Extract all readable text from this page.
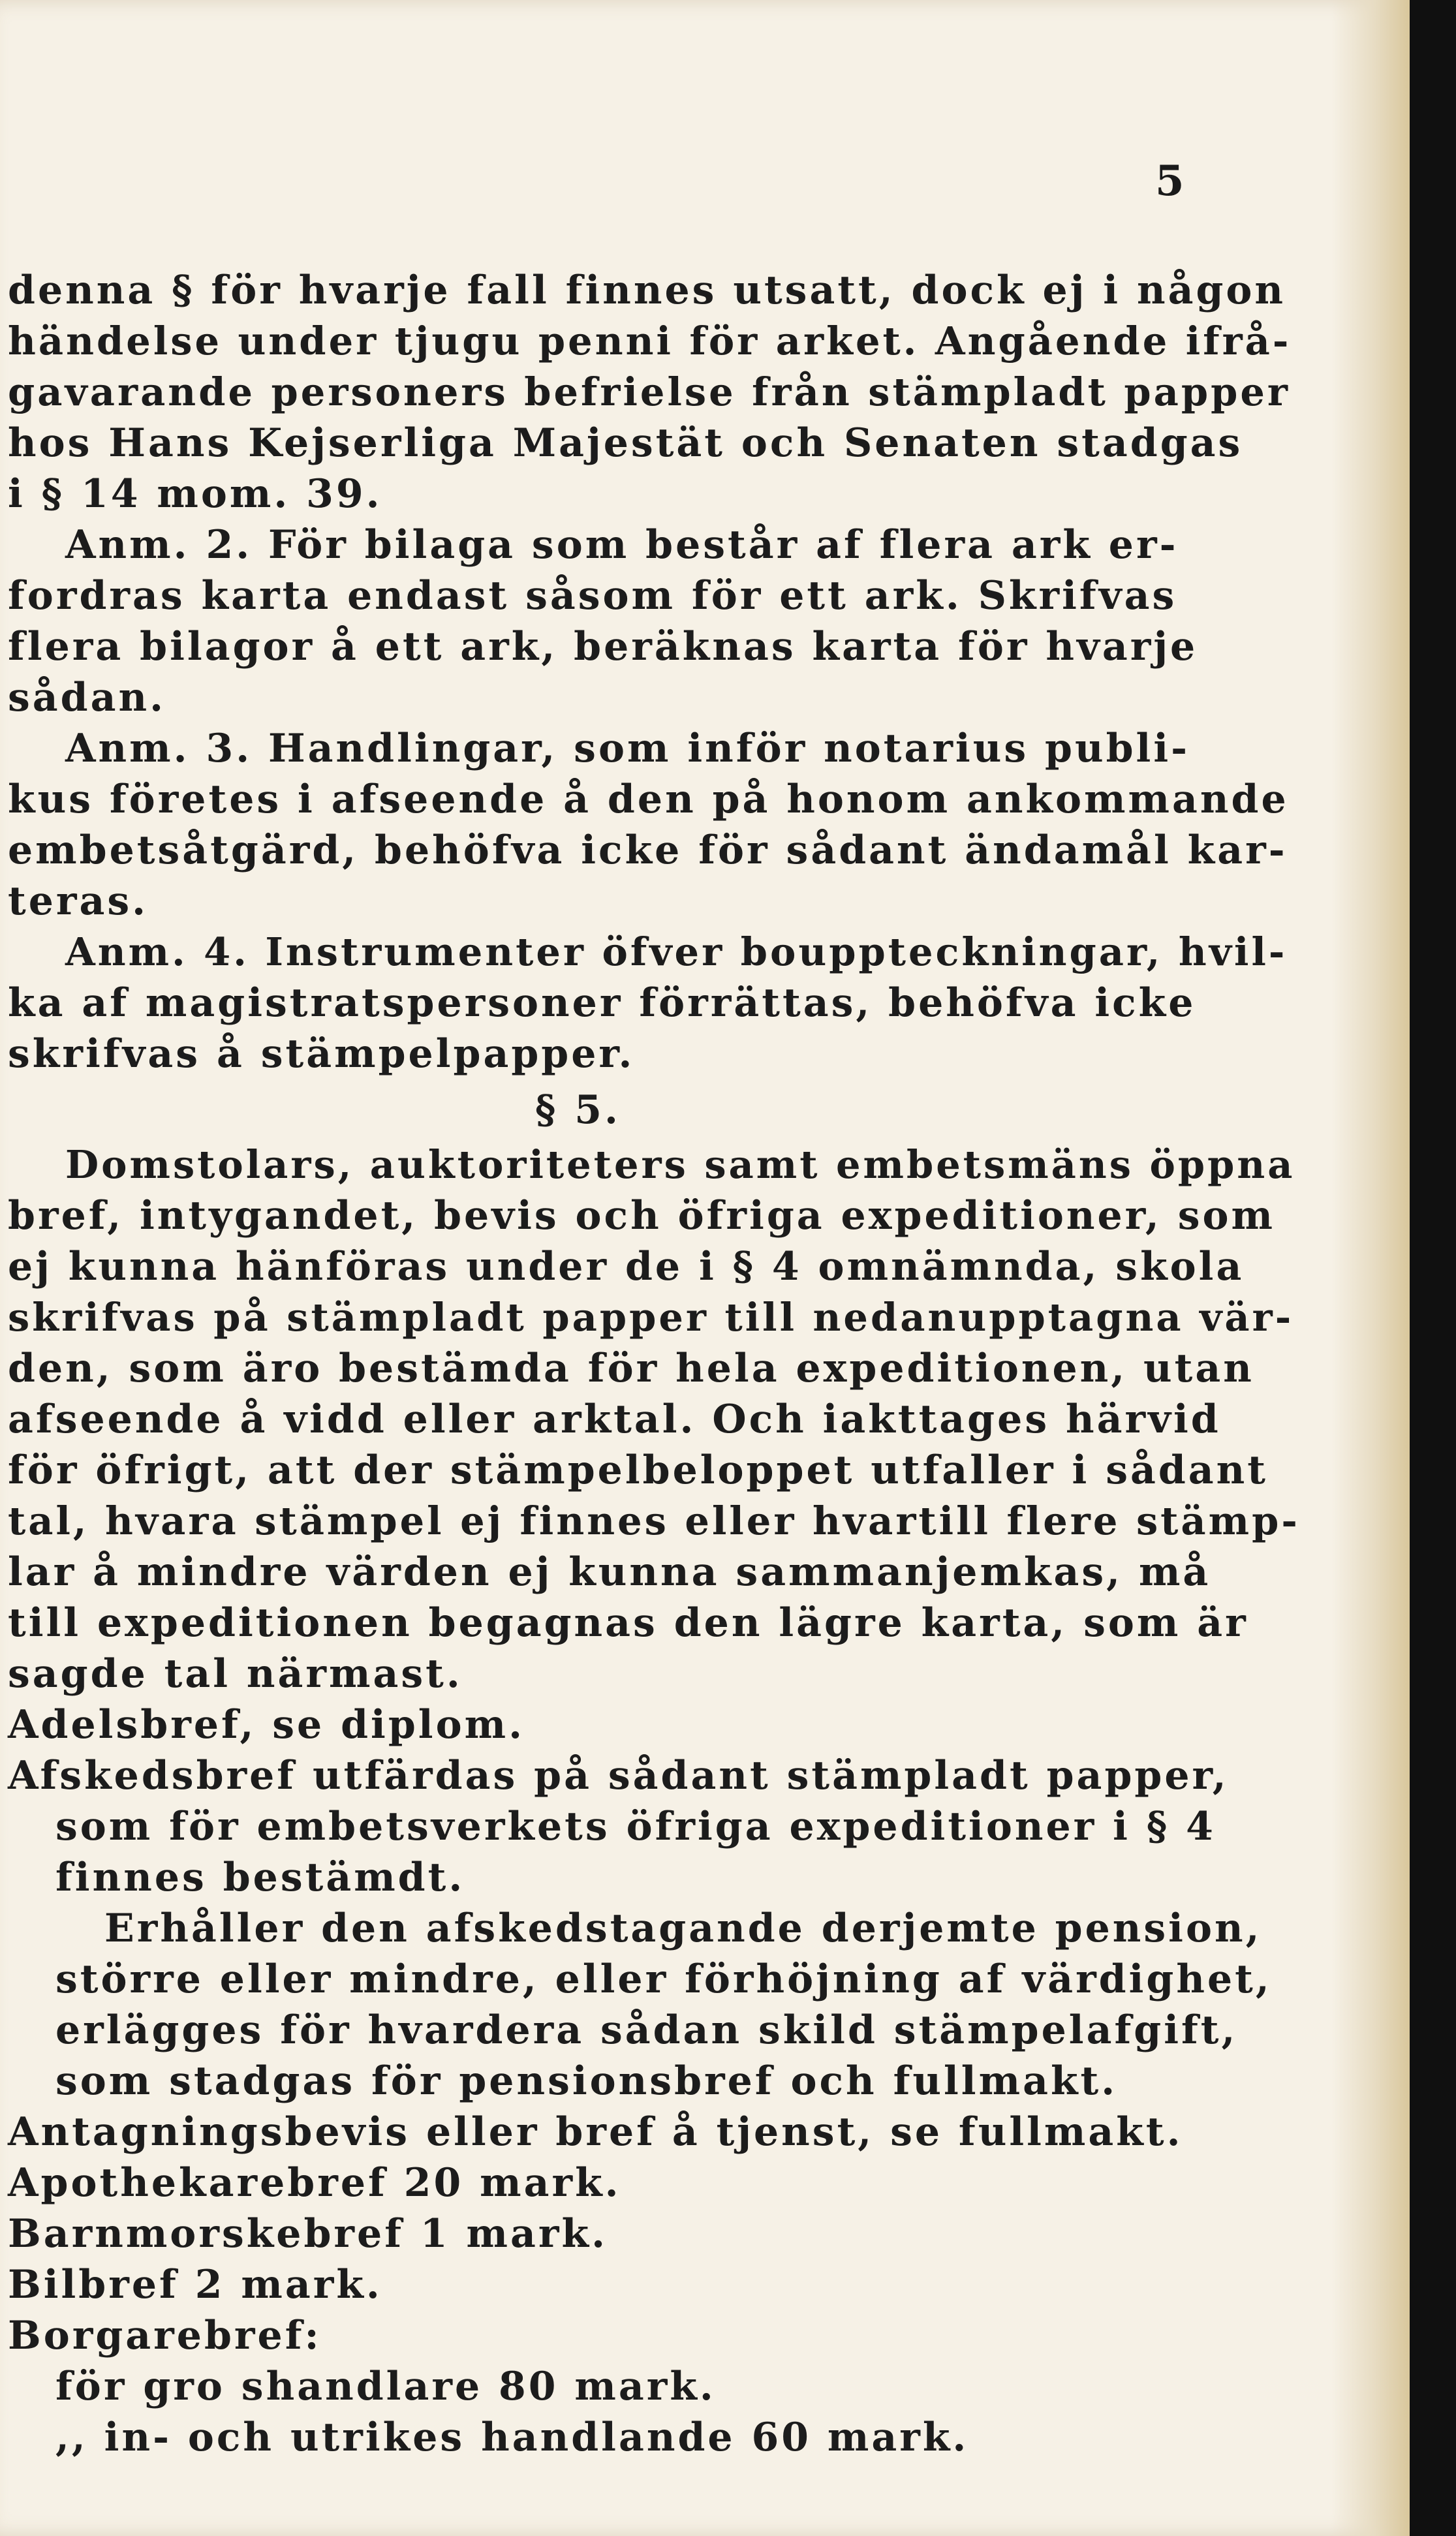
5
denna § för hvarje fall finnes utsatt, dock ej i någon
händelse under tjugu penni för arket. Angående ifrå-
gavarande personers befrielse från stämpladt papper
hos Hans Kejserliga Majestät och Senaten stadgas
i § 14 mom. 39.
Anm. 2. För bilaga som består af flera ark er-
fordras karta endast såsom för ett ark. Skrifvas
flera bilagor å ett ark, beräknas karta för hvarje
sådan.
Anm. 3. Handlingar, som inför notarius publi-
kus företes i afseende å den på honom ankommande
embetsåtgärd, behöfva icke för sådant ändamål kar-
teras.
Anm. 4. Instrumenter öfver bouppteckningar, hvil-
ka af magistratspersoner förrättas, behöfva icke
skrifvas å stämpelpapper.
§ 5.
Domstolars, auktoriteters samt embetsmäns öppna
bref, intygandet, bevis och öfriga expeditioner, som
ej kunna hänföras under de i § 4 omnämnda, skola
skrifvas på stämpladt papper till nedanupptagna vär-
den, som äro bestämda för hela expeditionen, utan
afseende å vidd eller arktal. Och iakttages härvid
för öfrigt, att der stämpelbeloppet utfaller i sådant
tal, hvara stämpel ej finnes eller hvartill flere stämp-
lar å mindre värden ej kunna sammanjemkas, må
till expeditionen begagnas den lägre karta, som är
sagde tal närmast.
Adelsbref, se diplom.
Afskedsbref utfärdas på sådant stämpladt papper,
som för embetsverkets öfriga expeditioner i § 4
finnes bestämdt.
Erhåller den afskedstagande derjemte pension,
större eller mindre, eller förhöjning af värdighet,
erlägges för hvardera sådan skild stämpelafgift,
som stadgas för pensionsbref och fullmakt.
Antagningsbevis eller bref å tjenst, se fullmakt.
Apothekarebref 20 mark.
Barnmorskebref 1 mark.
Bilbref 2 mark.
Borgarebref:
för gro shandlare 80 mark.
,, in- och utrikes handlande 60 mark.
